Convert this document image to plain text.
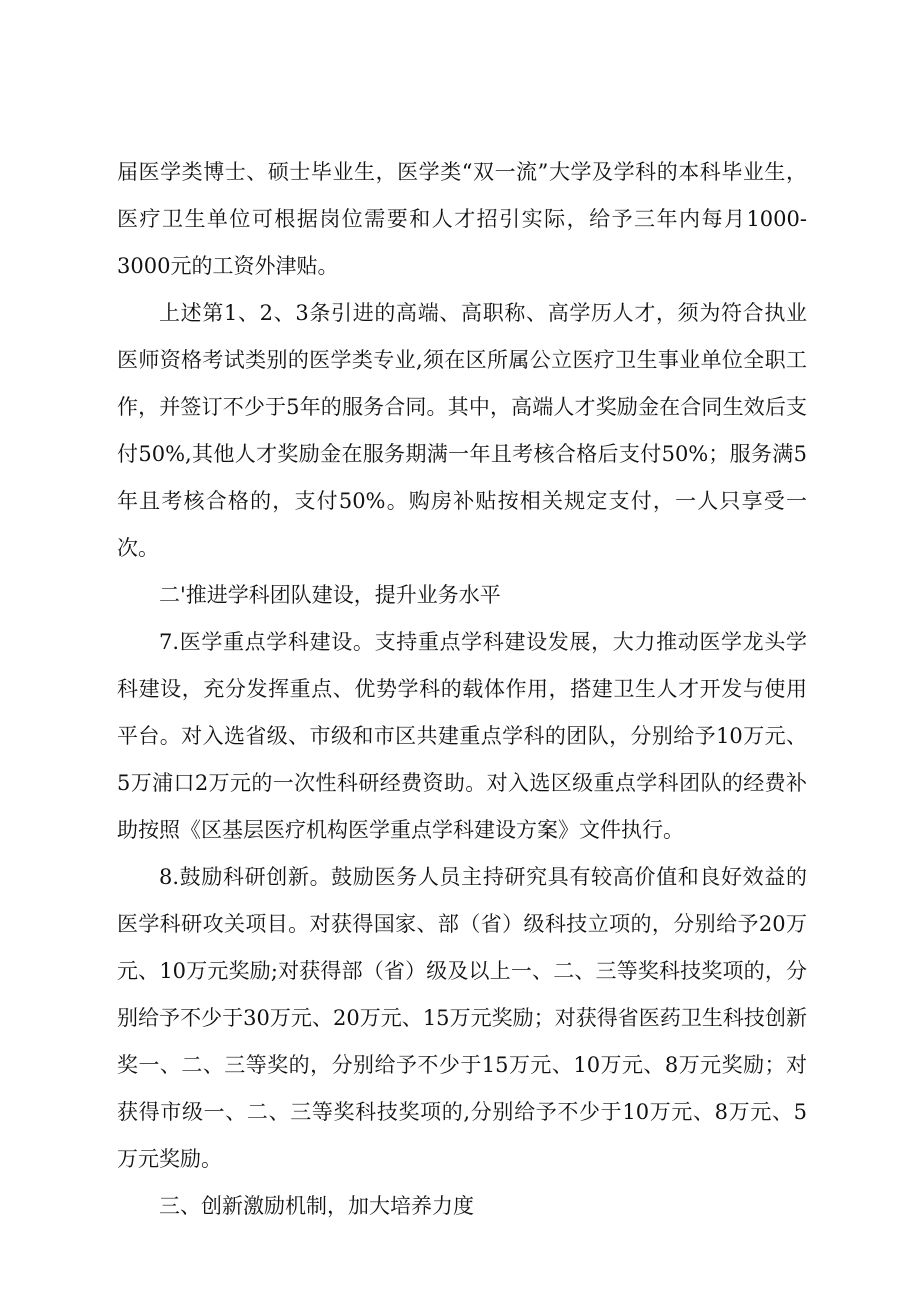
届医学类博士、硕士毕业生，医学类“双一流”大学及学科的本科毕业生，医疗卫生单位可根据岗位需要和人才招引实际，给予三年内每月1000-3000元的工资外津贴。

上述第1、2、3条引进的高端、高职称、高学历人才，须为符合执业医师资格考试类别的医学类专业,须在区所属公立医疗卫生事业单位全职工作，并签订不少于5年的服务合同。其中，高端人才奖励金在合同生效后支付50%,其他人才奖励金在服务期满一年且考核合格后支付50%；服务满5年且考核合格的，支付50%。购房补贴按相关规定支付，一人只享受一次。

二'推进学科团队建设，提升业务水平

7.医学重点学科建设。支持重点学科建设发展，大力推动医学龙头学科建设，充分发挥重点、优势学科的载体作用，搭建卫生人才开发与使用平台。对入选省级、市级和市区共建重点学科的团队，分别给予10万元、5万浦口2万元的一次性科研经费资助。对入选区级重点学科团队的经费补助按照《区基层医疗机构医学重点学科建设方案》文件执行。

8.鼓励科研创新。鼓励医务人员主持研究具有较高价值和良好效益的医学科研攻关项目。对获得国家、部（省）级科技立项的，分别给予20万元、10万元奖励;对获得部（省）级及以上一、二、三等奖科技奖项的，分别给予不少于30万元、20万元、15万元奖励；对获得省医药卫生科技创新奖一、二、三等奖的，分别给予不少于15万元、10万元、8万元奖励；对获得市级一、二、三等奖科技奖项的,分别给予不少于10万元、8万元、5万元奖励。

三、创新激励机制，加大培养力度
